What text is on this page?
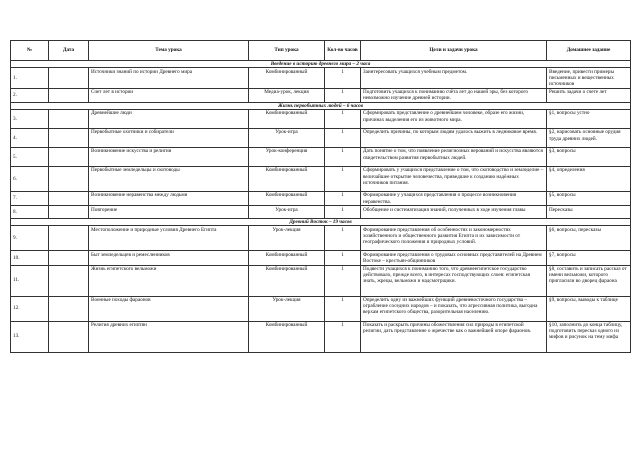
№	Дата	Тема урока	Тип урока	Кол-во часов	Цели и задачи урока	Домашнее задание
Введение в историю древнего мира – 2 часа						
1.		Источники знаний по истории Древнего мира	Комбинированный	1	Заинтересовать учащихся учебным предметом.	Введение, привести примеры письменных и вещественных источников
2.		Счет лет в истории	Медиа-урок, лекция	1	Подготовить учащихся к пониманию счёта лет до нашей эры, без которого невозможно изучение древней истории.	Решить задачи о счете лет
Жизнь первобытных людей – 6 часов						
3.		Древнейшие люди	Комбинированный	1	Сформировать представление о древнейшем человеке, образе его жизни, причинах выделения его из животного мира.	§1, вопросы устно
4.		Первобытные охотники и собиратели	Урок-игра	1	Определить причины, по которым людям удалось выжить в ледниковое время.	§2, нарисовать основные орудия труда древних людей.
5.		Возникновение искусства и религии	Урок-конференция	1	Дать понятие о том, что появление религиозных верований и искусства являются свидетельством развития первобытных людей.	§3, вопросы
6.		Первобытные земледельцы и скотоводы	Комбинированный	1	Сформировать у учащихся представление о том, что скотоводство и земледелие – величайшее открытие человечества, приведшие к созданию надёжных источников питания.	§4, определения
7.		Возникновение неравенства между людьми	Комбинированный	1	Формирование у учащихся представления о процессе возникновения неравенства.	§5, вопросы
8.		Повторение	Урок-игра	1	Обобщение и систематизация знаний, полученных в ходе изучения главы	Пересказы
Древний Восток – 19 часов						
9.		Местоположение и природные условия Древнего Египта	Урок-лекция	1	Формирование представления об особенностях и закономерностях хозяйственного и общественного развития Египта и их зависимости от географического положения и природных условий.	§6, вопросы, пересказы
10.		Быт земледельцев и ремесленников	Комбинированный	1	Формирование представления о трудовых основных представителей на Древнем Востоке – крестьян-общинников	§7, вопросы
11.		Жизнь египетского вельможи	Комбинированный	1	Подвести учащихся к пониманию того, что древнеегипетское государство действовало, прежде всего, в интересах господствующих слоев: египетская знать, жрецы, вельможи и надсмотрщики.	§8, составить и записать рассказ от имени вельможи, которого пригласили во дворец фараона
12.		Военные походы фараонов	Урок-лекция	1	Определить одну из важнейших функций древневосточного государства – ограбление соседних народов – и показать, что агрессивная политика, выгодна верхам египетского общества, разорительная населению.	§9, вопросы, выводы к таблице
13.		Религия древних египтян	Комбинированный	1	Показать и раскрыть причины обожествления сил природы в египетской религии, дать представление о жречестве как о важнейшей опоре фараонов.	§10, заполнить до конца таблицу, подготовить пересказ одного из мифов и рисунок на тему мифа
